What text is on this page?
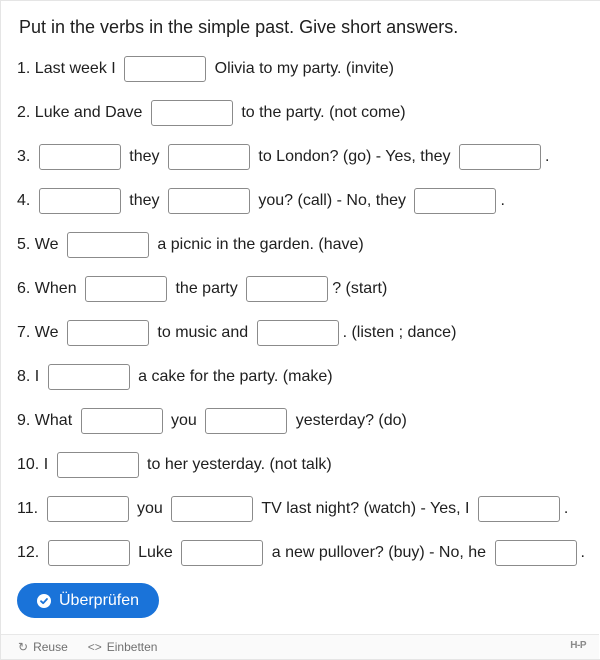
Put in the verbs in the simple past. Give short answers.
1. Last week I	Olivia to my party. (invite)
2. Luke and Dave	to the party. (not come)
3.	they	to London? (go) - Yes, they	.
4.	they	you? (call) - No, they	.
5. We	a picnic in the garden. (have)
6. When	the party	? (start)
7. We	to music and	. (listen ; dance)
8. I	a cake for the party. (make)
9. What	you	yesterday? (do)
10. I	to her yesterday. (not talk)
11.	you	TV last night? (watch) - Yes, I	.
12.	Luke	a new pullover? (buy) - No, he	.
Überprüfen
↻ Reuse <> Einbetten	H-P
